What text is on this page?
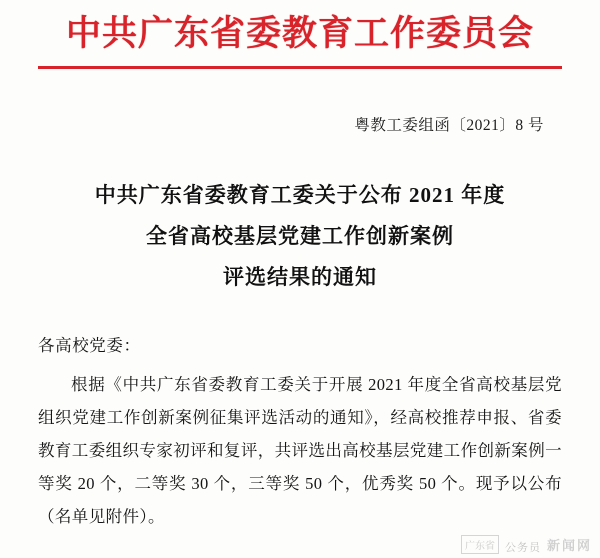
中共广东省委教育工作委员会
粤教工委组函〔2021〕8 号
中共广东省委教育工委关于公布 2021 年度
全省高校基层党建工作创新案例
评选结果的通知
各高校党委：
根据《中共广东省委教育工委关于开展 2021 年度全省高校基层党组织党建工作创新案例征集评选活动的通知》，经高校推荐申报、省委教育工委组织专家初评和复评，共评选出高校基层党建工作创新案例一等奖 20 个，二等奖 30 个，三等奖 50 个，优秀奖 50 个。现予以公布（名单见附件）。
广东省 公务员 新闻网
